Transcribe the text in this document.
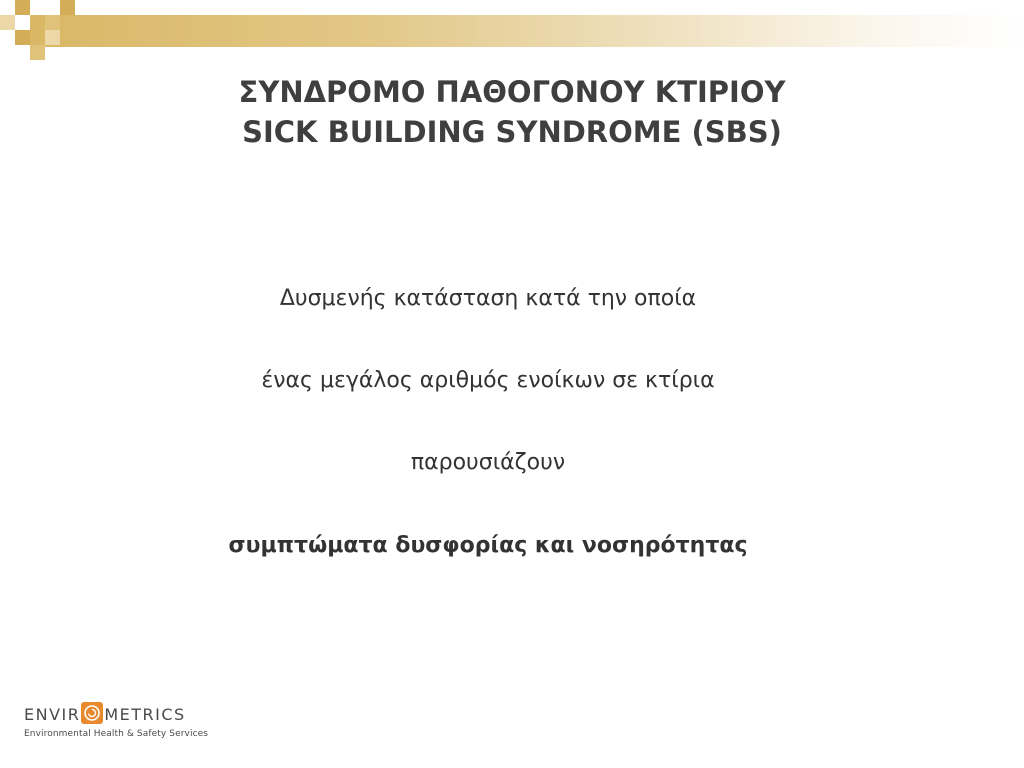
ΣΥΝΔΡΟΜΟ ΠΑΘΟΓΟΝΟΥ ΚΤΙΡΙΟΥ
SICK BUILDING SYNDROME (SBS)

Δυσμενής κατάσταση κατά την οποία

ένας μεγάλος αριθμός ενοίκων σε κτίρια

παρουσιάζουν

συμπτώματα δυσφορίας και νοσηρότητας

ENVIR METRICS
Environmental Health & Safety Services
